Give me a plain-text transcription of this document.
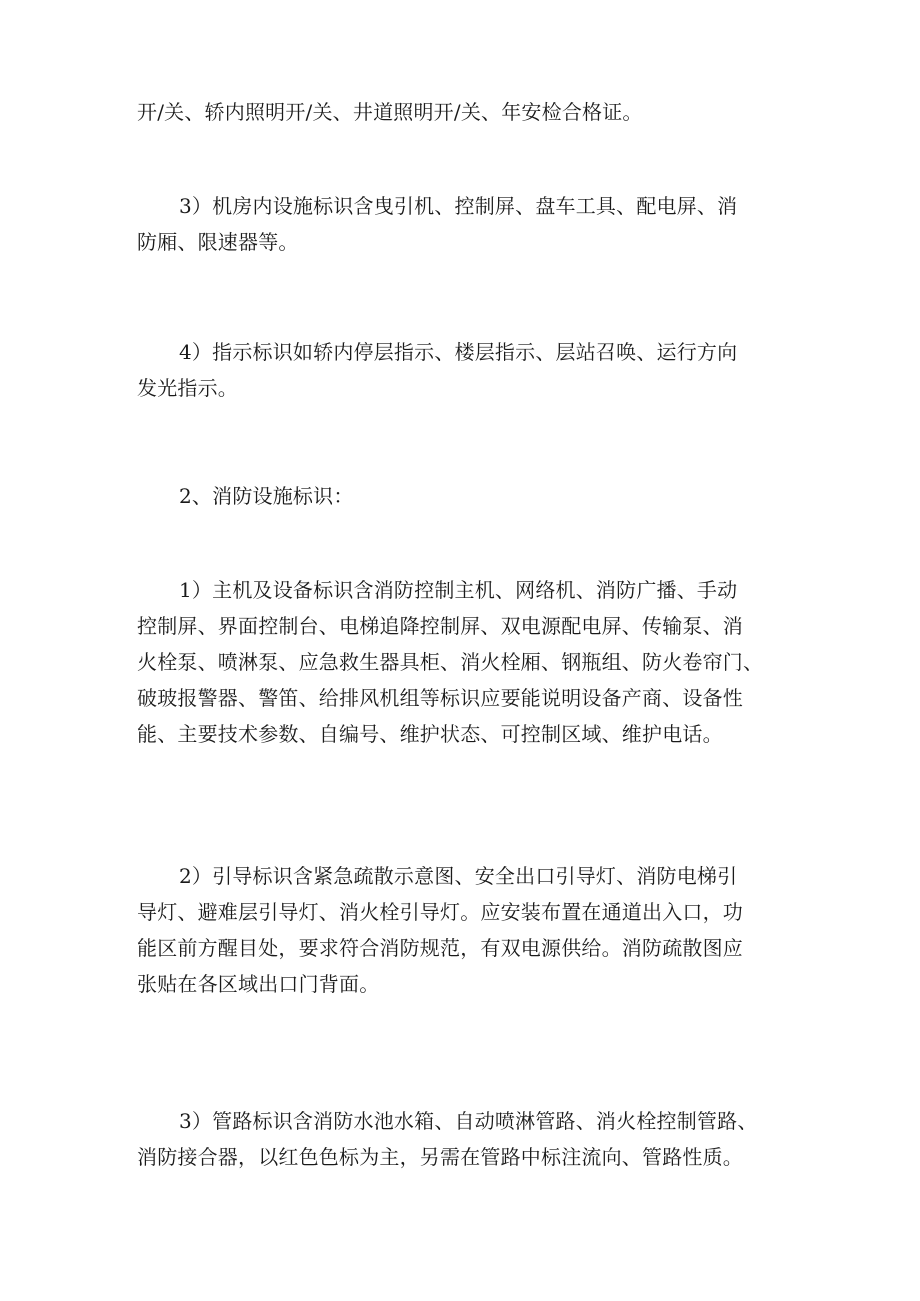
开/关、轿内照明开/关、井道照明开/关、年安检合格证。

3）机房内设施标识含曳引机、控制屏、盘车工具、配电屏、消
防厢、限速器等。

4）指示标识如轿内停层指示、楼层指示、层站召唤、运行方向
发光指示。

2、消防设施标识：

1）主机及设备标识含消防控制主机、网络机、消防广播、手动
控制屏、界面控制台、电梯追降控制屏、双电源配电屏、传输泵、消
火栓泵、喷淋泵、应急救生器具柜、消火栓厢、钢瓶组、防火卷帘门、
破玻报警器、警笛、给排风机组等标识应要能说明设备产商、设备性
能、主要技术参数、自编号、维护状态、可控制区域、维护电话。

2）引导标识含紧急疏散示意图、安全出口引导灯、消防电梯引
导灯、避难层引导灯、消火栓引导灯。应安装布置在通道出入口，功
能区前方醒目处，要求符合消防规范，有双电源供给。消防疏散图应
张贴在各区域出口门背面。

3）管路标识含消防水池水箱、自动喷淋管路、消火栓控制管路、
消防接合器，以红色色标为主，另需在管路中标注流向、管路性质。
